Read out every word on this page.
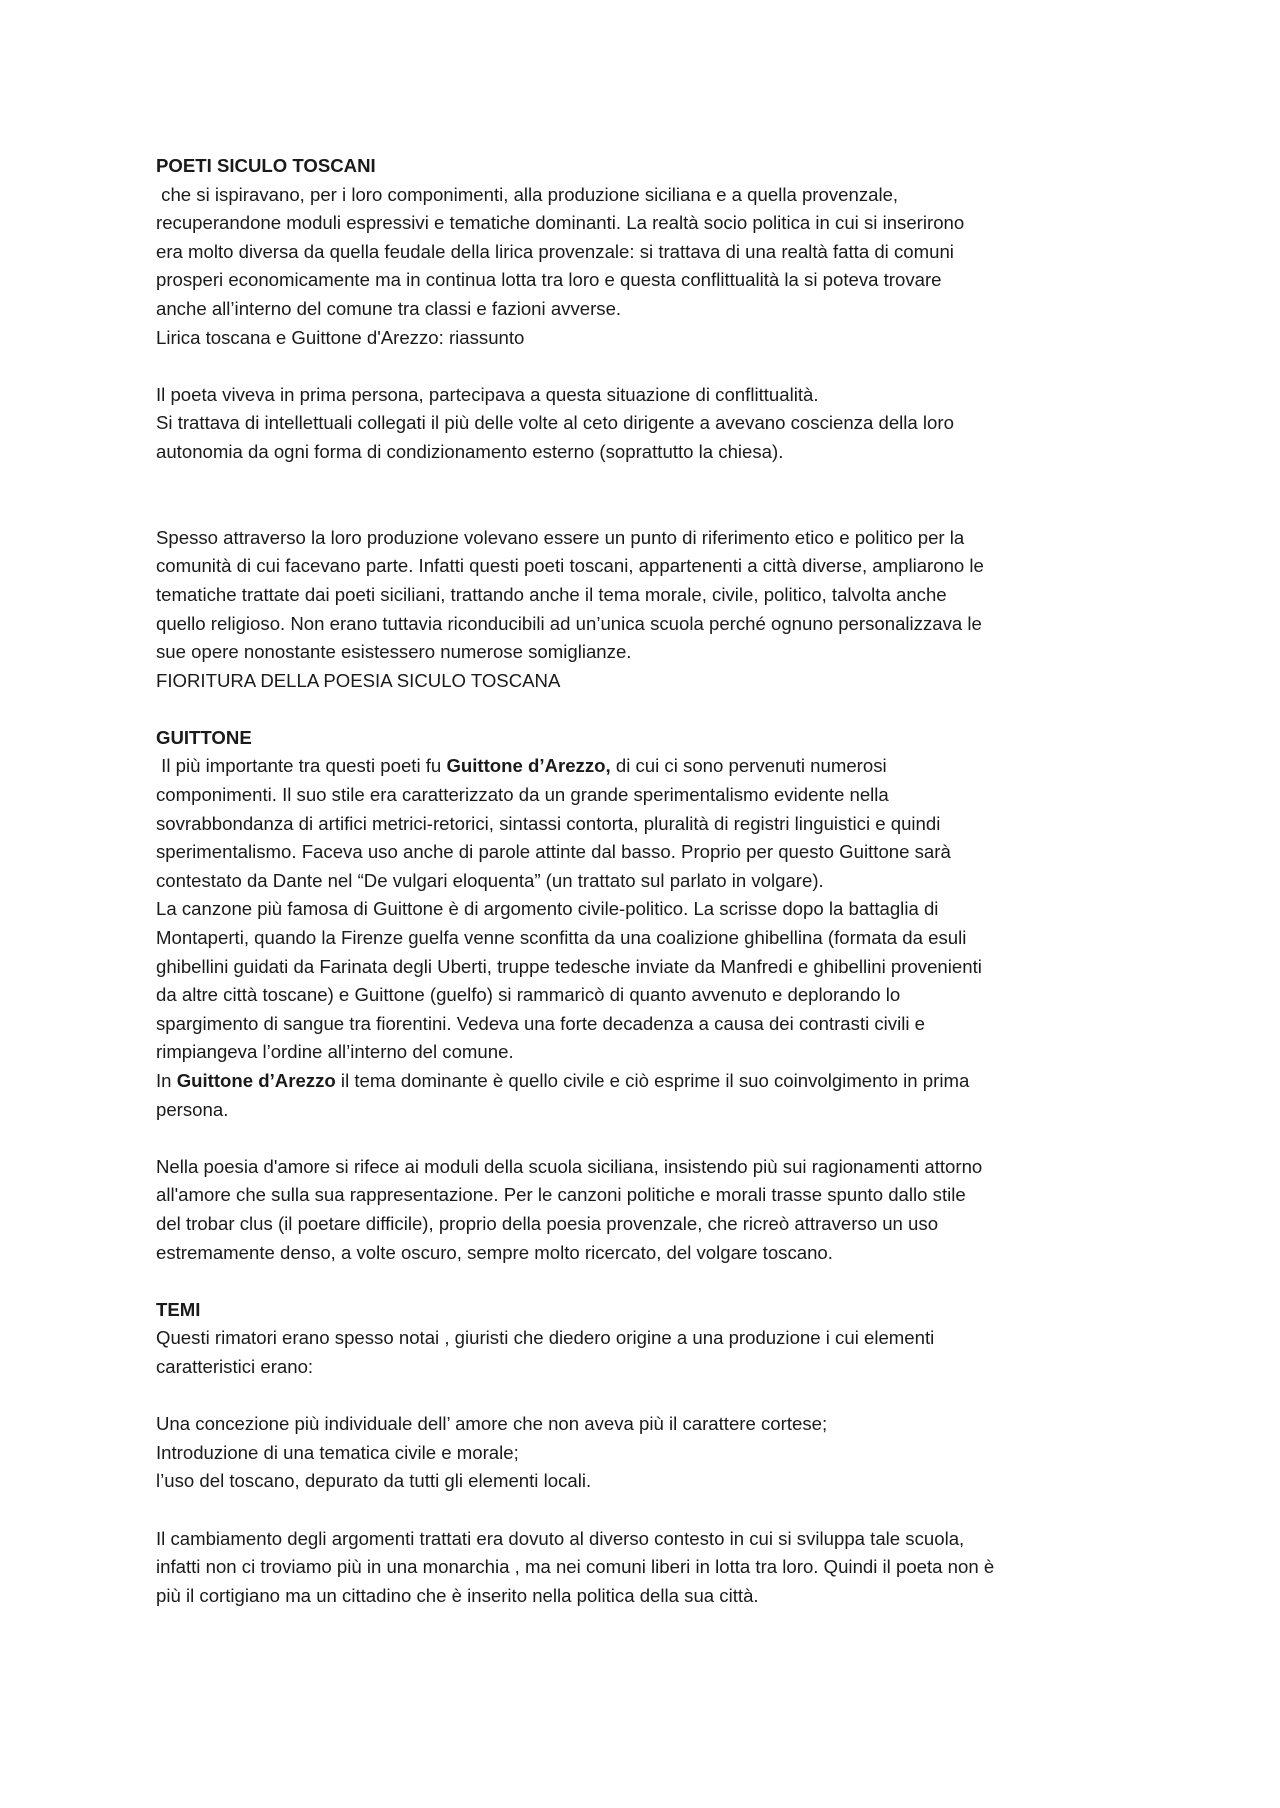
POETI SICULO TOSCANI
che si ispiravano, per i loro componimenti, alla produzione siciliana e a quella provenzale,
recuperandone moduli espressivi e tematiche dominanti. La realtà socio politica in cui si inserirono
era molto diversa da quella feudale della lirica provenzale: si trattava di una realtà fatta di comuni
prosperi economicamente ma in continua lotta tra loro e questa conflittualità la si poteva trovare
anche all’interno del comune tra classi e fazioni avverse.
Lirica toscana e Guittone d'Arezzo: riassunto
Il poeta viveva in prima persona, partecipava a questa situazione di conflittualità.
Si trattava di intellettuali collegati il più delle volte al ceto dirigente a avevano coscienza della loro
autonomia da ogni forma di condizionamento esterno (soprattutto la chiesa).
Spesso attraverso la loro produzione volevano essere un punto di riferimento etico e politico per la
comunità di cui facevano parte. Infatti questi poeti toscani, appartenenti a città diverse, ampliarono le
tematiche trattate dai poeti siciliani, trattando anche il tema morale, civile, politico, talvolta anche
quello religioso. Non erano tuttavia riconducibili ad un’unica scuola perché ognuno personalizzava le
sue opere nonostante esistessero numerose somiglianze.
FIORITURA DELLA POESIA SICULO TOSCANA
GUITTONE
Il più importante tra questi poeti fu Guittone d’Arezzo, di cui ci sono pervenuti numerosi
componimenti. Il suo stile era caratterizzato da un grande sperimentalismo evidente nella
sovrabbondanza di artifici metrici-retorici, sintassi contorta, pluralità di registri linguistici e quindi
sperimentalismo. Faceva uso anche di parole attinte dal basso. Proprio per questo Guittone sarà
contestato da Dante nel “De vulgari eloquenta” (un trattato sul parlato in volgare).
La canzone più famosa di Guittone è di argomento civile-politico. La scrisse dopo la battaglia di
Montaperti, quando la Firenze guelfa venne sconfitta da una coalizione ghibellina (formata da esuli
ghibellini guidati da Farinata degli Uberti, truppe tedesche inviate da Manfredi e ghibellini provenienti
da altre città toscane) e Guittone (guelfo) si rammaricò di quanto avvenuto e deplorando lo
spargimento di sangue tra fiorentini. Vedeva una forte decadenza a causa dei contrasti civili e
rimpiangeva l’ordine all’interno del comune.
In Guittone d’Arezzo il tema dominante è quello civile e ciò esprime il suo coinvolgimento in prima
persona.
Nella poesia d'amore si rifece ai moduli della scuola siciliana, insistendo più sui ragionamenti attorno
all'amore che sulla sua rappresentazione. Per le canzoni politiche e morali trasse spunto dallo stile
del trobar clus (il poetare difficile), proprio della poesia provenzale, che ricreò attraverso un uso
estremamente denso, a volte oscuro, sempre molto ricercato, del volgare toscano.
TEMI
Questi rimatori erano spesso notai , giuristi che diedero origine a una produzione i cui elementi
caratteristici erano:
Una concezione più individuale dell’ amore che non aveva più il carattere cortese;
Introduzione di una tematica civile e morale;
l’uso del toscano, depurato da tutti gli elementi locali.
Il cambiamento degli argomenti trattati era dovuto al diverso contesto in cui si sviluppa tale scuola,
infatti non ci troviamo più in una monarchia , ma nei comuni liberi in lotta tra loro. Quindi il poeta non è
più il cortigiano ma un cittadino che è inserito nella politica della sua città.
